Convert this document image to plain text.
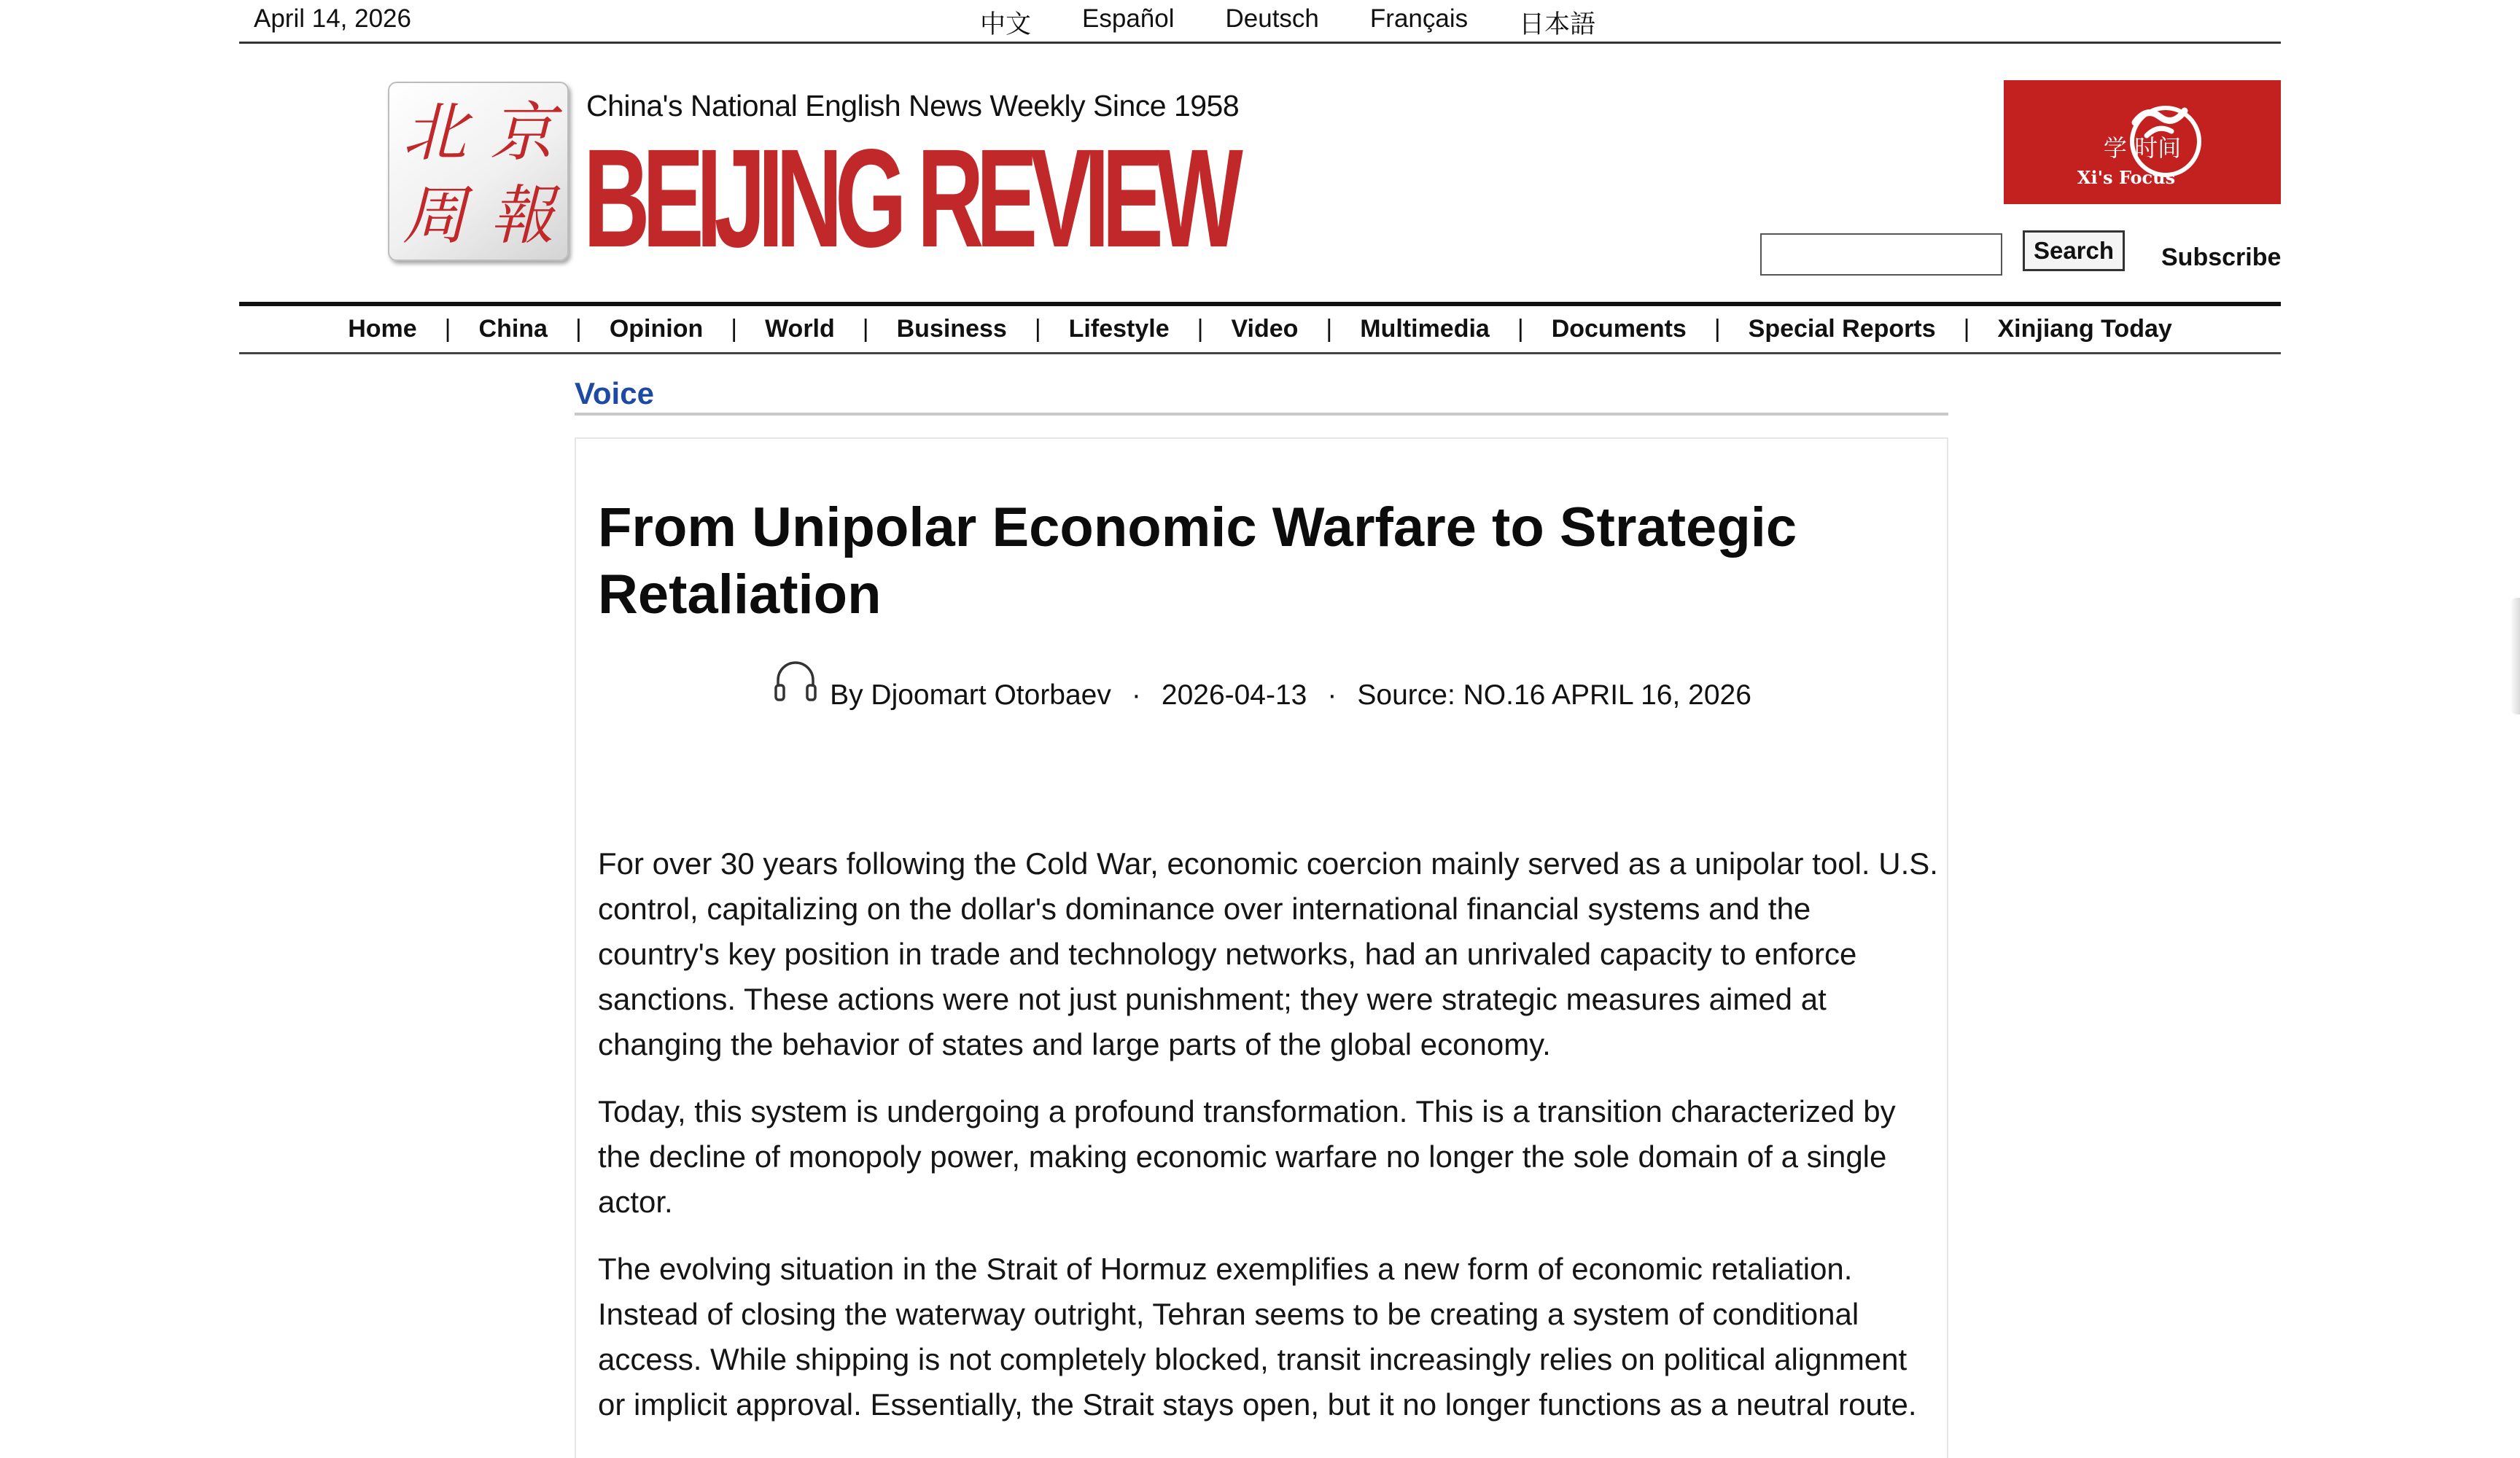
April 14, 2026	中文 Español Deutsch Français 日本語
北 京
周 報
China's National English News Weekly Since 1958
BEIJING REVIEW	学 时间
Xi's Focus
Search	Subscribe
Home	|	China	|	Opinion	|	World	|	Business	|	Lifestyle	|	Video	|	Multimedia	|	Documents	|	Special Reports	|	Xinjiang Today
Voice
From Unipolar Economic Warfare to Strategic Retaliation
By Djoomart Otorbaev · 2026-04-13 · Source: NO.16 APRIL 16, 2026

For over 30 years following the Cold War, economic coercion mainly served as a unipolar tool. U.S. control, capitalizing on the dollar's dominance over international financial systems and the country's key position in trade and technology networks, had an unrivaled capacity to enforce sanctions. These actions were not just punishment; they were strategic measures aimed at changing the behavior of states and large parts of the global economy.

Today, this system is undergoing a profound transformation. This is a transition characterized by the decline of monopoly power, making economic warfare no longer the sole domain of a single actor.

The evolving situation in the Strait of Hormuz exemplifies a new form of economic retaliation. Instead of closing the waterway outright, Tehran seems to be creating a system of conditional access. While shipping is not completely blocked, transit increasingly relies on political alignment or implicit approval. Essentially, the Strait stays open, but it no longer functions as a neutral route.
